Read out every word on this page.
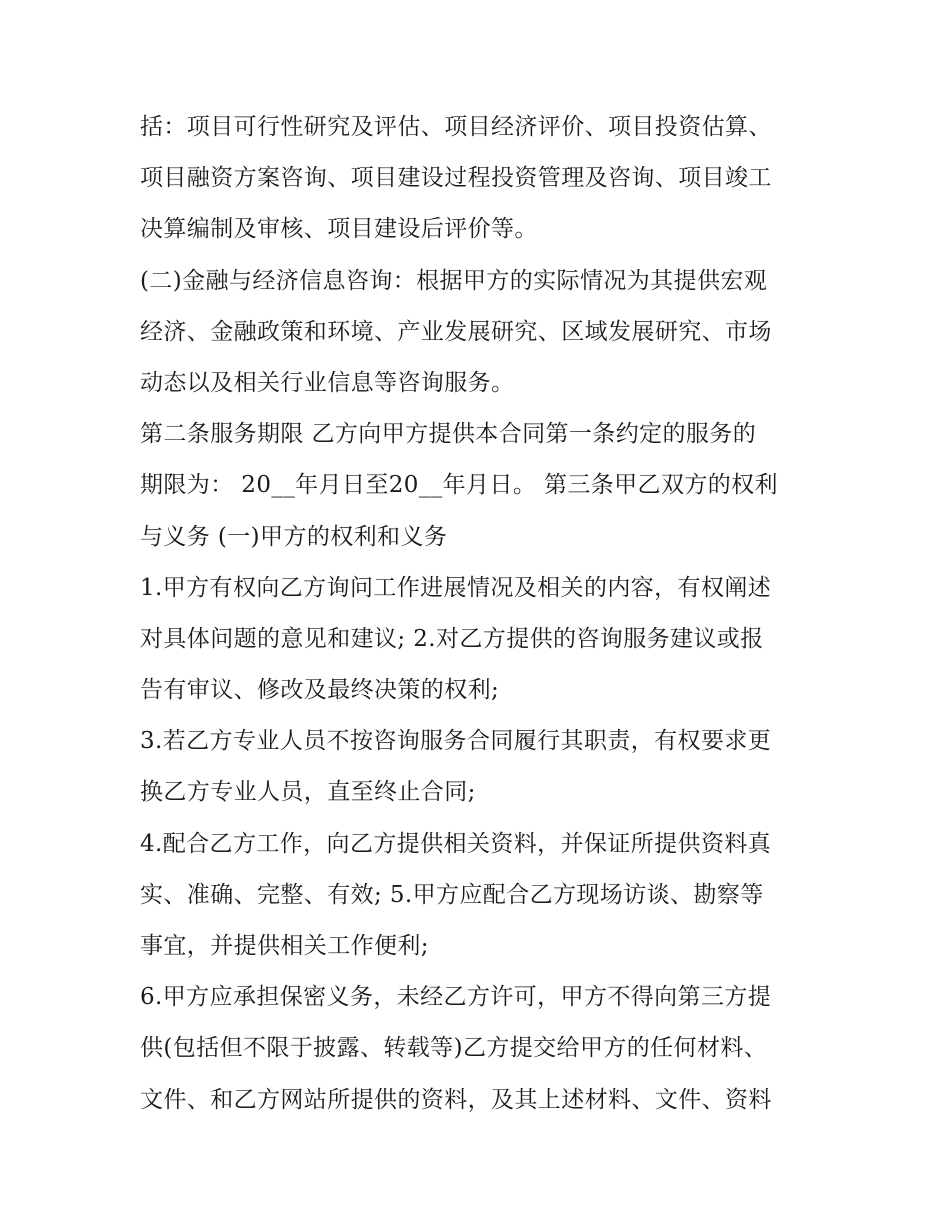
括：项目可行性研究及评估、项目经济评价、项目投资估算、
项目融资方案咨询、项目建设过程投资管理及咨询、项目竣工
决算编制及审核、项目建设后评价等。
(二)金融与经济信息咨询：根据甲方的实际情况为其提供宏观
经济、金融政策和环境、产业发展研究、区域发展研究、市场
动态以及相关行业信息等咨询服务。
第二条服务期限 乙方向甲方提供本合同第一条约定的服务的
期限为： 20__年月日至20__年月日。 第三条甲乙双方的权利
与义务 (一)甲方的权利和义务
1.甲方有权向乙方询问工作进展情况及相关的内容，有权阐述
对具体问题的意见和建议; 2.对乙方提供的咨询服务建议或报
告有审议、修改及最终决策的权利;
3.若乙方专业人员不按咨询服务合同履行其职责，有权要求更
换乙方专业人员，直至终止合同;
4.配合乙方工作，向乙方提供相关资料，并保证所提供资料真
实、准确、完整、有效; 5.甲方应配合乙方现场访谈、勘察等
事宜，并提供相关工作便利;
6.甲方应承担保密义务，未经乙方许可，甲方不得向第三方提
供(包括但不限于披露、转载等)乙方提交给甲方的任何材料、
文件、和乙方网站所提供的资料，及其上述材料、文件、资料
